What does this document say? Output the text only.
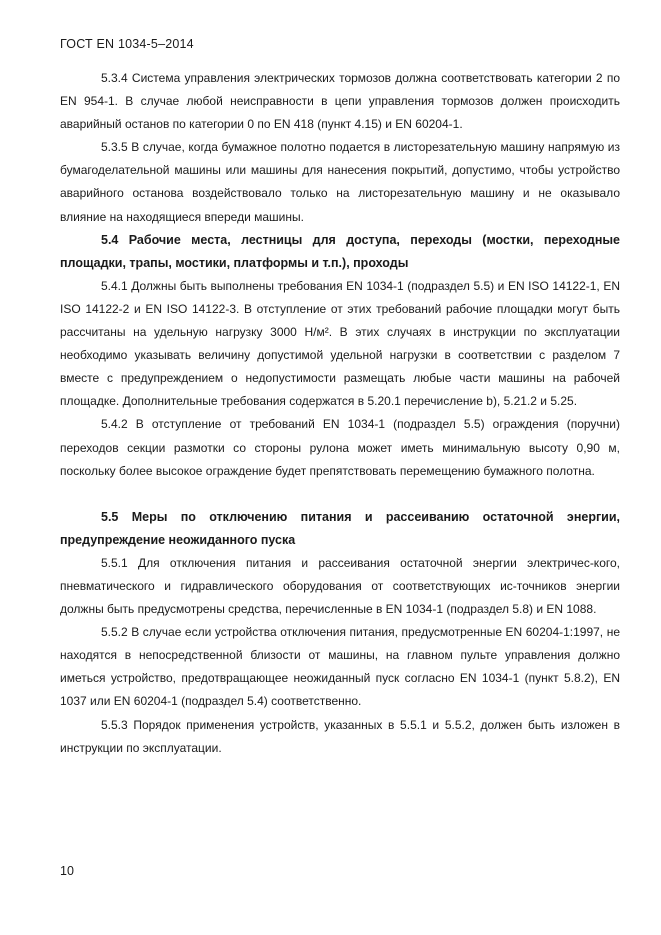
ГОСТ EN 1034-5–2014

5.3.4 Система управления электрических тормозов должна соответствовать категории 2 по EN 954-1. В случае любой неисправности в цепи управления тормозов должен происходить аварийный останов по категории 0 по EN 418 (пункт 4.15) и EN 60204-1.

5.3.5 В случае, когда бумажное полотно подается в листорезательную машину напрямую из бумагоделательной машины или машины для нанесения покрытий, допустимо, чтобы устройство аварийного останова воздействовало только на листорезательную машину и не оказывало влияние на находящиеся впереди машины.

5.4 Рабочие места, лестницы для доступа, переходы (мостки, переходные площадки, трапы, мостики, платформы и т.п.), проходы

5.4.1 Должны быть выполнены требования EN 1034-1 (подраздел 5.5) и EN ISO 14122-1, EN ISO 14122-2 и EN ISO 14122-3. В отступление от этих требований рабочие площадки могут быть рассчитаны на удельную нагрузку 3000 Н/м². В этих случаях в инструкции по эксплуатации необходимо указывать величину допустимой удельной нагрузки в соответствии с разделом 7 вместе с предупреждением о недопустимости размещать любые части машины на рабочей площадке. Дополнительные требования содержатся в 5.20.1 перечисление b), 5.21.2 и 5.25.

5.4.2 В отступление от требований EN 1034-1 (подраздел 5.5) ограждения (поручни) переходов секции размотки со стороны рулона может иметь минимальную высоту 0,90 м, поскольку более высокое ограждение будет препятствовать перемещению бумажного полотна.

5.5 Меры по отключению питания и рассеиванию остаточной энергии, предупреждение неожиданного пуска

5.5.1 Для отключения питания и рассеивания остаточной энергии электричес-кого, пневматического и гидравлического оборудования от соответствующих ис-точников энергии должны быть предусмотрены средства, перечисленные в EN 1034-1 (подраздел 5.8) и EN 1088.

5.5.2 В случае если устройства отключения питания, предусмотренные EN 60204-1:1997, не находятся в непосредственной близости от машины, на главном пульте управления должно иметься устройство, предотвращающее неожиданный пуск согласно EN 1034-1 (пункт 5.8.2), EN 1037 или EN 60204-1 (подраздел 5.4) соответственно.

5.5.3 Порядок применения устройств, указанных в 5.5.1 и 5.5.2, должен быть изложен в инструкции по эксплуатации.

10
